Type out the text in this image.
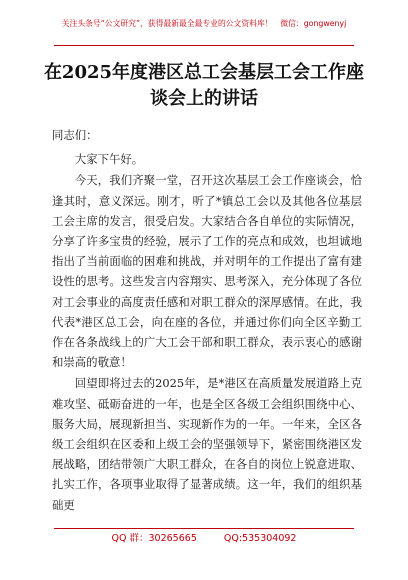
关注头条号“公文研究”，获得最新最全最专业的公文资料库！　微信：gongwenyj
在2025年度港区总工会基层工会工作座谈会上的讲话

同志们：

大家下午好。

今天，我们齐聚一堂，召开这次基层工会工作座谈会，恰逢其时，意义深远。刚才，听了*镇总工会以及其他各位基层工会主席的发言，很受启发。大家结合各自单位的实际情况，分享了许多宝贵的经验，展示了工作的亮点和成效，也坦诚地指出了当前面临的困难和挑战，并对明年的工作提出了富有建设性的思考。这些发言内容翔实、思考深入，充分体现了各位对工会事业的高度责任感和对职工群众的深厚感情。在此，我代表*港区总工会，向在座的各位，并通过你们向全区辛勤工作在各条战线上的广大工会干部和职工群众，表示衷心的感谢和崇高的敬意！

回望即将过去的2025年，是*港区在高质量发展道路上克难攻坚、砥砺奋进的一年，也是全区各级工会组织围绕中心、服务大局，展现新担当、实现新作为的一年。一年来，全区各级工会组织在区委和上级工会的坚强领导下，紧密围绕港区发展战略，团结带领广大职工群众，在各自的岗位上锐意进取、扎实工作，各项事业取得了显著成绩。这一年，我们的组织基础更

QQ 群：30265665	QQ:535304092
